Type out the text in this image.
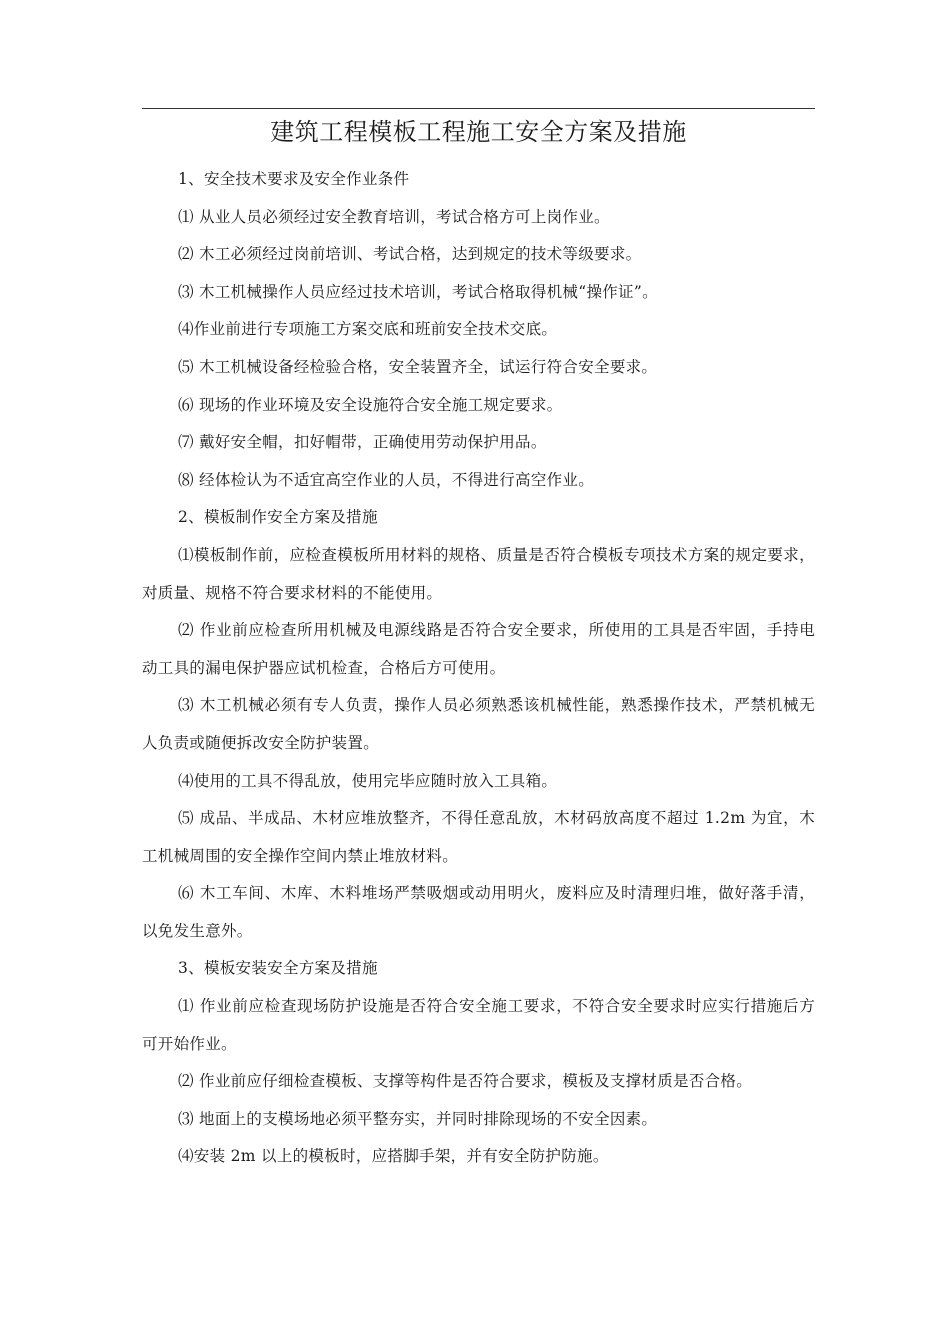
建筑工程模板工程施工安全方案及措施

1、安全技术要求及安全作业条件

⑴ 从业人员必须经过安全教育培训，考试合格方可上岗作业。

⑵ 木工必须经过岗前培训、考试合格，达到规定的技术等级要求。

⑶ 木工机械操作人员应经过技术培训，考试合格取得机械“操作证”。

⑷作业前进行专项施工方案交底和班前安全技术交底。

⑸ 木工机械设备经检验合格，安全装置齐全，试运行符合安全要求。

⑹ 现场的作业环境及安全设施符合安全施工规定要求。

⑺ 戴好安全帽，扣好帽带，正确使用劳动保护用品。

⑻ 经体检认为不适宜高空作业的人员，不得进行高空作业。

2、模板制作安全方案及措施

⑴模板制作前，应检查模板所用材料的规格、质量是否符合模板专项技术方案的规定要求，对质量、规格不符合要求材料的不能使用。

⑵ 作业前应检查所用机械及电源线路是否符合安全要求，所使用的工具是否牢固，手持电动工具的漏电保护器应试机检查，合格后方可使用。

⑶ 木工机械必须有专人负责，操作人员必须熟悉该机械性能，熟悉操作技术，严禁机械无人负责或随便拆改安全防护装置。

⑷使用的工具不得乱放，使用完毕应随时放入工具箱。

⑸ 成品、半成品、木材应堆放整齐，不得任意乱放，木材码放高度不超过 1.2m 为宜，木工机械周围的安全操作空间内禁止堆放材料。

⑹ 木工车间、木库、木料堆场严禁吸烟或动用明火，废料应及时清理归堆，做好落手清，以免发生意外。

3、模板安装安全方案及措施

⑴ 作业前应检查现场防护设施是否符合安全施工要求，不符合安全要求时应实行措施后方可开始作业。

⑵ 作业前应仔细检查模板、支撑等构件是否符合要求，模板及支撑材质是否合格。

⑶ 地面上的支模场地必须平整夯实，并同时排除现场的不安全因素。

⑷安装 2m 以上的模板时，应搭脚手架，并有安全防护防施。
